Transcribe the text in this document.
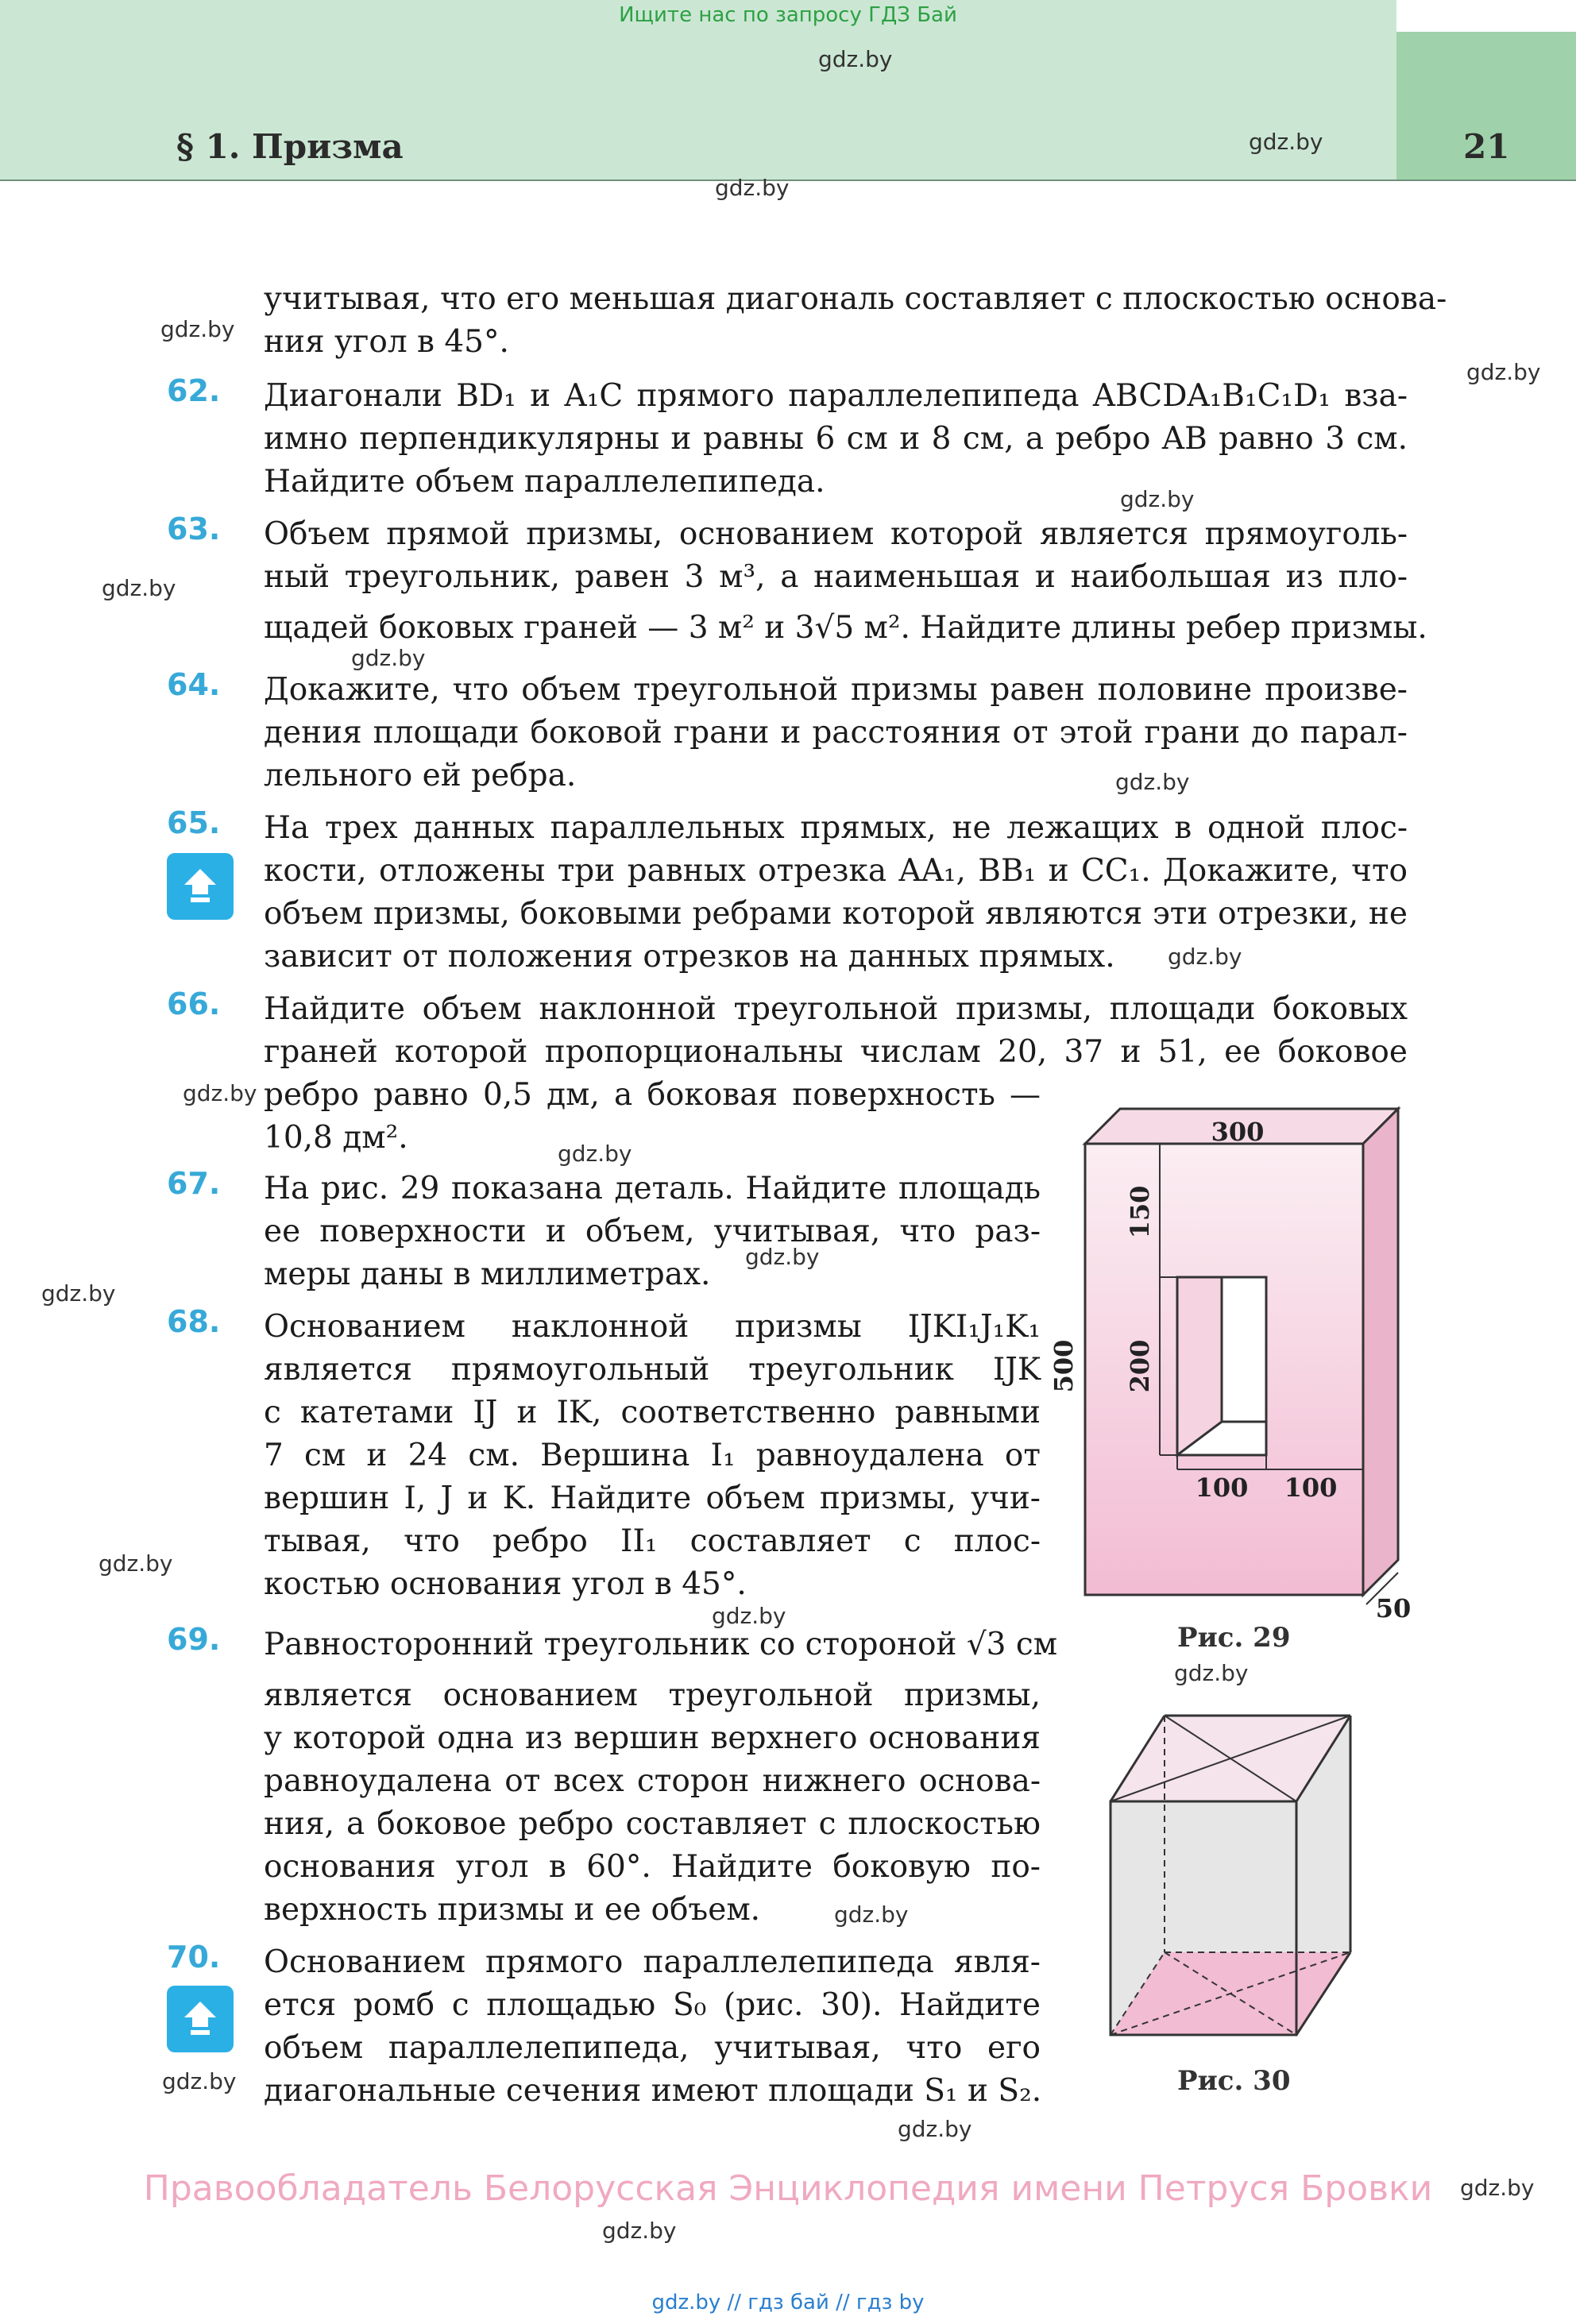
Ищите нас по запросу ГДЗ Бай
§ 1. Призма	21
gdz.by
gdz.by
gdz.by
gdz.by
gdz.by
gdz.by
gdz.by
gdz.by
gdz.by
gdz.by
gdz.by
gdz.by
gdz.by
gdz.by
gdz.by
gdz.by
gdz.by
gdz.by
gdz.by
gdz.by
gdz.by
gdz.by
учитывая, что его меньшая диагональ составляет с плоскостью основа-
ния угол в 45°.
62. Диагонали BD₁ и A₁C прямого параллелепипеда ABCDA₁B₁C₁D₁ вза-
имно перпендикулярны и равны 6 см и 8 см, а ребро AB равно 3 см.
Найдите объем параллелепипеда.
63. Объем прямой призмы, основанием которой является прямоуголь-
ный треугольник, равен 3 м³, а наименьшая и наибольшая из пло-
щадей боковых граней — 3 м² и 3√5 м². Найдите длины ребер призмы.
64. Докажите, что объем треугольной призмы равен половине произве-
дения площади боковой грани и расстояния от этой грани до парал-
лельного ей ребра.
65. На трех данных параллельных прямых, не лежащих в одной плос-
кости, отложены три равных отрезка AA₁, BB₁ и CC₁. Докажите, что
объем призмы, боковыми ребрами которой являются эти отрезки, не
зависит от положения отрезков на данных прямых.
66. Найдите объем наклонной треугольной призмы, площади боковых
граней которой пропорциональны числам 20, 37 и 51, ее боковое
ребро равно 0,5 дм, а боковая поверхность —
10,8 дм².
67. На рис. 29 показана деталь. Найдите площадь
ее поверхности и объем, учитывая, что раз-
меры даны в миллиметрах.
68. Основанием наклонной призмы IJKI₁J₁K₁
является прямоугольный треугольник IJK
с катетами IJ и IK, соответственно равными
7 см и 24 см. Вершина I₁ равноудалена от
вершин I, J и K. Найдите объем призмы, учи-
тывая, что ребро II₁ составляет с плос-
костью основания угол в 45°.
69. Равносторонний треугольник со стороной √3 см
является основанием треугольной призмы,
у которой одна из вершин верхнего основания
равноудалена от всех сторон нижнего основа-
ния, а боковое ребро составляет с плоскостью
основания угол в 60°. Найдите боковую по-
верхность призмы и ее объем.
70. Основанием прямого параллелепипеда явля-
ется ромб с площадью S₀ (рис. 30). Найдите
объем параллелепипеда, учитывая, что его
диагональные сечения имеют площади S₁ и S₂.
300
150
200
500
100 100
50
Рис. 29
Рис. 30
Правообладатель Белорусская Энциклопедия имени Петруся Бровки
gdz.by // гдз бай // гдз by
